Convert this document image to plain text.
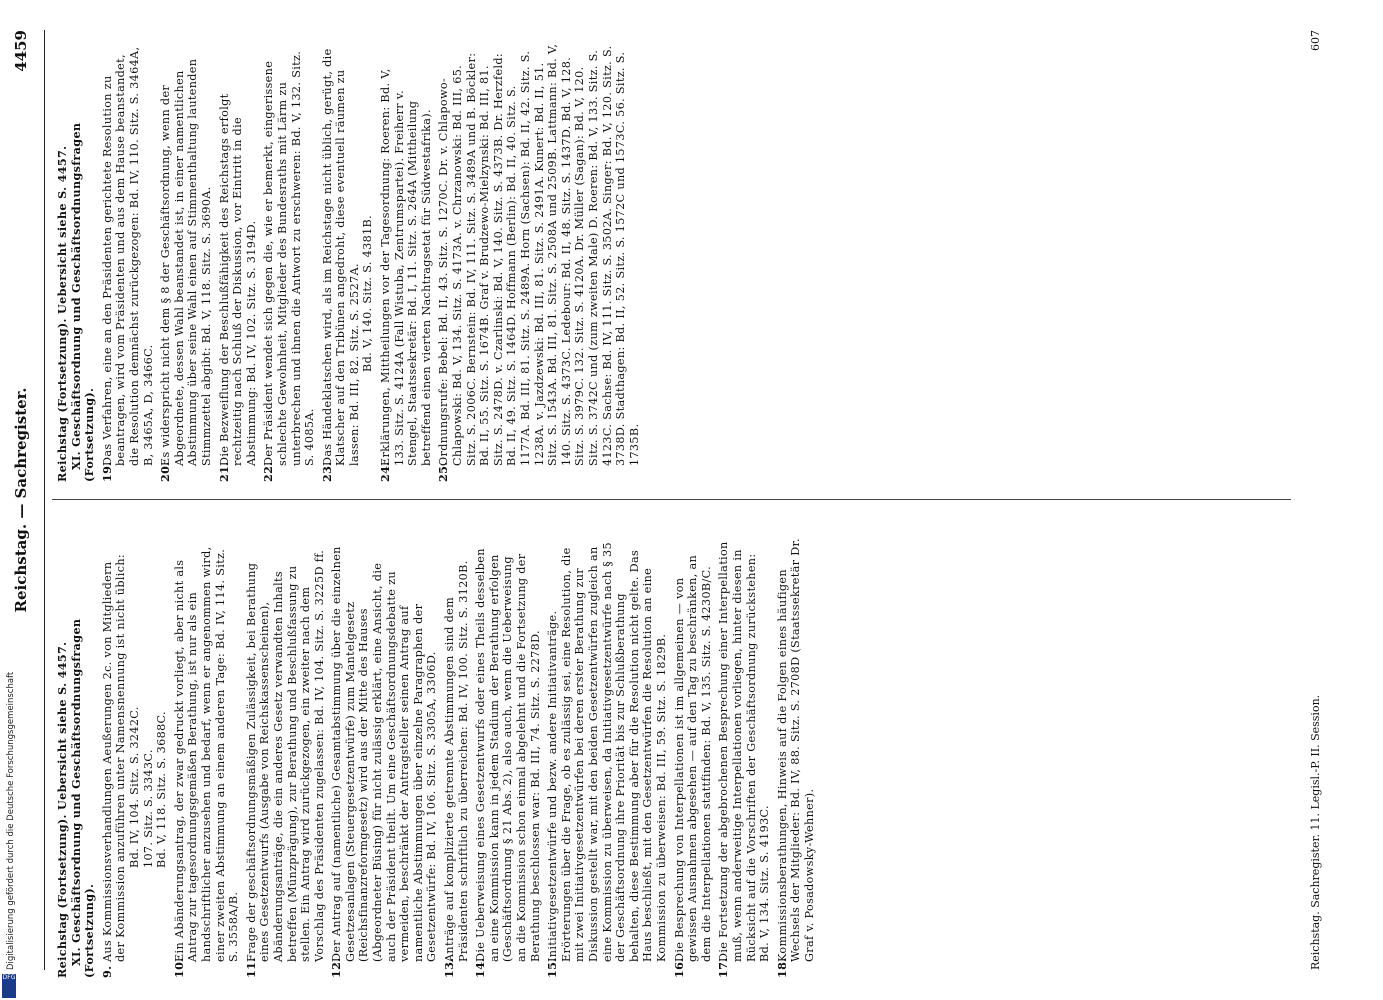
Reichstag. — Sachregister.
4459
Reichstag (Fortsetzung). Uebersicht siehe S. 4457.
XI. Geschäftsordnung und Geschäftsordnungsfragen (Fortsetzung). 9.Aus Kommissionsverhandlungen Aeußerungen 2c. von Mitgliedern der Kommission anzuführen unter Namensnennung ist nicht üblich: Bd. IV, 104. Sitz. S. 3242C. 107. Sitz. S. 3343C. Bd. V, 118. Sitz. S. 3688C.

10.Ein Abänderungsantrag, der zwar gedruckt vorliegt, aber nicht als Antrag zur tagesordnungsgemäßen Berathung, ist nur als ein handschriftlicher anzusehen und bedarf, wenn er angenommen wird, einer zweiten Abstimmung an einem anderen Tage: Bd. IV, 114. Sitz. S. 3558A/B.
11.Frage der geschäftsordnungsmäßigen Zulässigkeit, bei Berathung eines Gesetzentwurfs (Ausgabe von Reichskassenscheinen), Abänderungsanträge, die ein anderes Gesetz verwandten Inhalts betreffen (Münzprägung), zur Berathung und Beschlußfassung zu stellen. Ein Antrag wird zurückgezogen, ein zweiter nach dem Vorschlag des Präsidenten zugelassen: Bd. IV, 104. Sitz. S. 3225D ff.
12.Der Antrag auf (namentliche) Gesamtabstimmung über die einzelnen Gesetzesanlagen (Steuergesetzentwürfe) zum Mantelgesetz (Reichsfinanzreformgesetz) wird aus der Mitte des Hauses (Abgeordneter Büsing) für nicht zulässig erklärt, eine Ansicht, die auch der Präsident theilt. Um eine Geschäftsordnungsdebatte zu vermeiden, beschränkt der Antragsteller seinen Antrag auf namentliche Abstimmungen über einzelne Paragraphen der Gesetzentwürfe: Bd. IV, 106. Sitz. S. 3305A, 3306D.
13.Anträge auf komplizierte getrennte Abstimmungen sind dem Präsidenten schriftlich zu überreichen: Bd. IV, 100. Sitz. S. 3120B.
14.Die Ueberweisung eines Gesetzentwurfs oder eines Theils desselben an eine Kommission kann in jedem Stadium der Berathung erfolgen (Geschäftsordnung § 21 Abs. 2), also auch, wenn die Ueberweisung an die Kommission schon einmal abgelehnt und die Fortsetzung der Berathung beschlossen war: Bd. III, 74. Sitz. S. 2278D.
15.Initiativgesetzentwürfe und bezw. andere Initiativanträge. Erörterungen über die Frage, ob es zulässig sei, eine Resolution, die mit zwei Initiativgesetzentwürfen bei deren erster Berathung zur Diskussion gestellt war, mit den beiden Gesetzentwürfen zugleich an eine Kommission zu überweisen, da Initiativgesetzentwürfe nach § 35 der Geschäftsordnung ihre Priorität bis zur Schlußberathung behalten, diese Bestimmung aber für die Resolution nicht gelte. Das Haus beschließt, mit den Gesetzentwürfen die Resolution an eine Kommission zu überweisen: Bd. III, 59. Sitz. S. 1829B.
16.Die Besprechung von Interpellationen ist im allgemeinen — von gewissen Ausnahmen abgesehen — auf den Tag zu beschränken, an dem die Interpellationen stattfinden: Bd. V, 135. Sitz. S. 4230B/C.
17.Die Fortsetzung der abgebrochenen Besprechung einer Interpellation muß, wenn anderweitige Interpellationen vorliegen, hinter diesen in Rücksicht auf die Vorschriften der Geschäftsordnung zurückstehen: Bd. V, 134. Sitz. S. 4193C.
18.Kommissionsberathungen, Hinweis auf die Folgen eines häufigen Wechsels der Mitglieder: Bd. IV, 88. Sitz. S. 2708D (Staatssekretär Dr. Graf v. Posadowsky-Wehner).
Reichstag (Fortsetzung). Uebersicht siehe S. 4457.
XI. Geschäftsordnung und Geschäftsordnungsfragen (Fortsetzung). 19.Das Verfahren, eine an den Präsidenten gerichtete Resolution zu beantragen, wird vom Präsidenten und aus dem Hause beanstandet, die Resolution demnächst zurückgezogen: Bd. IV, 110. Sitz. S. 3464A, B, 3465A, D, 3466C.
20.Es widerspricht nicht dem § 8 der Geschäftsordnung, wenn der Abgeordnete, dessen Wahl beanstandet ist, in einer namentlichen Abstimmung über seine Wahl einen auf Stimmenthaltung lautenden Stimmzettel abgibt: Bd. V, 118. Sitz. S. 3690A.
21.Die Bezweiflung der Beschlußfähigkeit des Reichstags erfolgt rechtzeitig nach Schluß der Diskussion, vor Eintritt in die Abstimmung: Bd. IV, 102. Sitz. S. 3194D.
22.Der Präsident wendet sich gegen die, wie er bemerkt, eingerissene schlechte Gewohnheit, Mitglieder des Bundesraths mit Lärm zu unterbrechen und ihnen die Antwort zu erschweren: Bd. V, 132. Sitz. S. 4085A.
23.Das Händeklatschen wird, als im Reichstage nicht üblich, gerügt, die Klatscher auf den Tribünen angedroht, diese eventuell räumen zu lassen: Bd. III, 82. Sitz. S. 2527A. Bd. V, 140. Sitz. S. 4381B.

24.Erklärungen, Mittheilungen vor der Tagesordnung: Roeren: Bd. V, 133. Sitz. S. 4124A (Fall Wistuba, Zentrumspartei). Freiherr v. Stengel, Staatssekretär: Bd. I, 11. Sitz. S. 264A (Mittheilung betreffend einen vierten Nachtragsetat für Südwestafrika).
25.Ordnungsrufe: Bebel: Bd. II, 43. Sitz. S. 1270C. Dr. v. Chlapowo-Chlapowski: Bd. V, 134. Sitz. S. 4173A. v. Chrzanowski: Bd. III, 65. Sitz. S. 2006C. Bernstein: Bd. IV, 111. Sitz. S. 3489A und B. Böckler: Bd. II, 55. Sitz. S. 1674B. Graf v. Brudzewo-Mielzynski: Bd. III, 81. Sitz. S. 2478D. v. Czarlinski: Bd. V, 140. Sitz. S. 4373B. Dr. Herzfeld: Bd. II, 49. Sitz. S. 1464D. Hoffmann (Berlin): Bd. II, 40. Sitz. S. 1177A. Bd. III, 81. Sitz. S. 2489A. Horn (Sachsen): Bd. II, 42. Sitz. S. 1238A. v. Jazdzewski: Bd. III, 81. Sitz. S. 2491A. Kunert: Bd. II, 51. Sitz. S. 1543A. Bd. III, 81. Sitz. S. 2508A und 2509B. Lattmann: Bd. V, 140. Sitz. S. 4373C. Ledebour: Bd. II, 48. Sitz. S. 1437D. Bd. V, 128. Sitz. S. 3979C. 132. Sitz. S. 4120A. Dr. Müller (Sagan): Bd. V, 120. Sitz. S. 3742C und (zum zweiten Male) D. Roeren: Bd. V, 133. Sitz. S. 4123C. Sachse: Bd. IV, 111. Sitz. S. 3502A. Singer: Bd. V, 120. Sitz. S. 3738D. Stadthagen: Bd. II, 52. Sitz. S. 1572C und 1573C. 56. Sitz. S. 1735B.
Reichstag. Sachregister. 11. Legisl.-P. II. Session.
607
Digitalisierung gefördert durch die Deutsche Forschungsgemeinschaft
DFG
